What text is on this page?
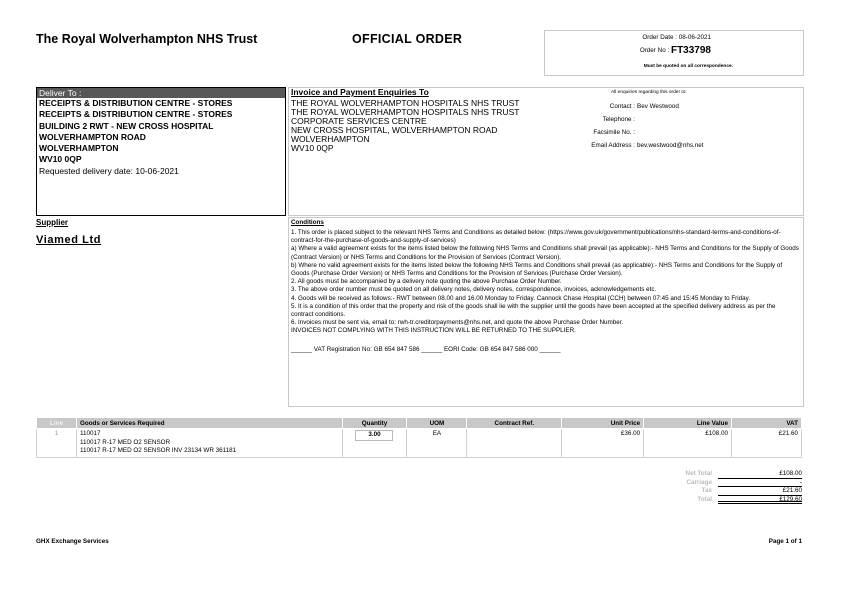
The Royal Wolverhampton NHS Trust	OFFICIAL ORDER	Order Date : 08-06-2021
Order No : FT33798
Must be quoted on all correspondence.
Deliver To :
RECEIPTS & DISTRIBUTION CENTRE - STORES
RECEIPTS & DISTRIBUTION CENTRE - STORES
BUILDING 2 RWT - NEW CROSS HOSPITAL
WOLVERHAMPTON ROAD
WOLVERHAMPTON
WV10 0QP
Requested delivery date: 10-06-2021
Invoice and Payment Enquiries To
THE ROYAL WOLVERHAMPTON HOSPITALS NHS TRUST
THE ROYAL WOLVERHAMPTON HOSPITALS NHS TRUST
CORPORATE SERVICES CENTRE
NEW CROSS HOSPITAL, WOLVERHAMPTON ROAD
WOLVERHAMPTON
WV10 0QP
All enquiries regarding this order to:
Contact : Bev Westwood
Telephone :
Facsimile No. :
Email Address : bev.westwood@nhs.net
Supplier
Viamed Ltd
Conditions

1. This order is placed subject to the relevant NHS Terms and Conditions as detailed below: (https://www.gov.uk/government/publications/nhs-standard-terms-and-conditions-of-contract-for-the-purchase-of-goods-and-supply-of-services)

a) Where a valid agreement exists for the items listed below the following NHS Terms and Conditions shall prevail (as applicable):- NHS Terms and Conditions for the Supply of Goods (Contract Version) or NHS Terms and Conditions for the Provision of Services (Contract Version).

b) Where no valid agreement exists for the items listed below the following NHS Terms and Conditions shall prevail (as applicable):- NHS Terms and Conditions for the Supply of Goods (Purchase Order Version) or NHS Terms and Conditions for the Provision of Services (Purchase Order Version).

2. All goods must be accompanied by a delivery note quoting the above Purchase Order Number.

3. The above order number must be quoted on all delivery notes, delivery notes, correspondence, invoices, acknowledgements etc.

4. Goods will be received as follows:- RWT between 08.00 and 16.00 Monday to Friday. Cannock Chase Hospital (CCH) between 07:45 and 15:45 Monday to Friday.

5. It is a condition of this order that the property and risk of the goods shall lie with the supplier until the goods have been accepted at the specified delivery address as per the contract conditions.

6. Invoices must be sent via, email to: rwh-tr.creditorpayments@nhs.net, and quote the above Purchase Order Number.

INVOICES NOT COMPLYING WITH THIS INSTRUCTION WILL BE RETURNED TO THE SUPPLIER.

______ VAT Registration No: GB 654 847 586 ______ EORI Code: GB 654 847 586 000 ______

Line	Goods or Services Required	Quantity	UOM	Contract Ref.	Unit Price	Line Value	VAT
1	110017
110017 R-17 MED O2 SENSOR
110017 R-17 MED O2 SENSOR INV 23134 WR 361181	3.00	EA		£36.00	£108.00	£21.60
Net Total	£108.00
Carriage	-
Tax	£21.60
Total	£129.60
GHX Exchange Services	Page 1 of 1
